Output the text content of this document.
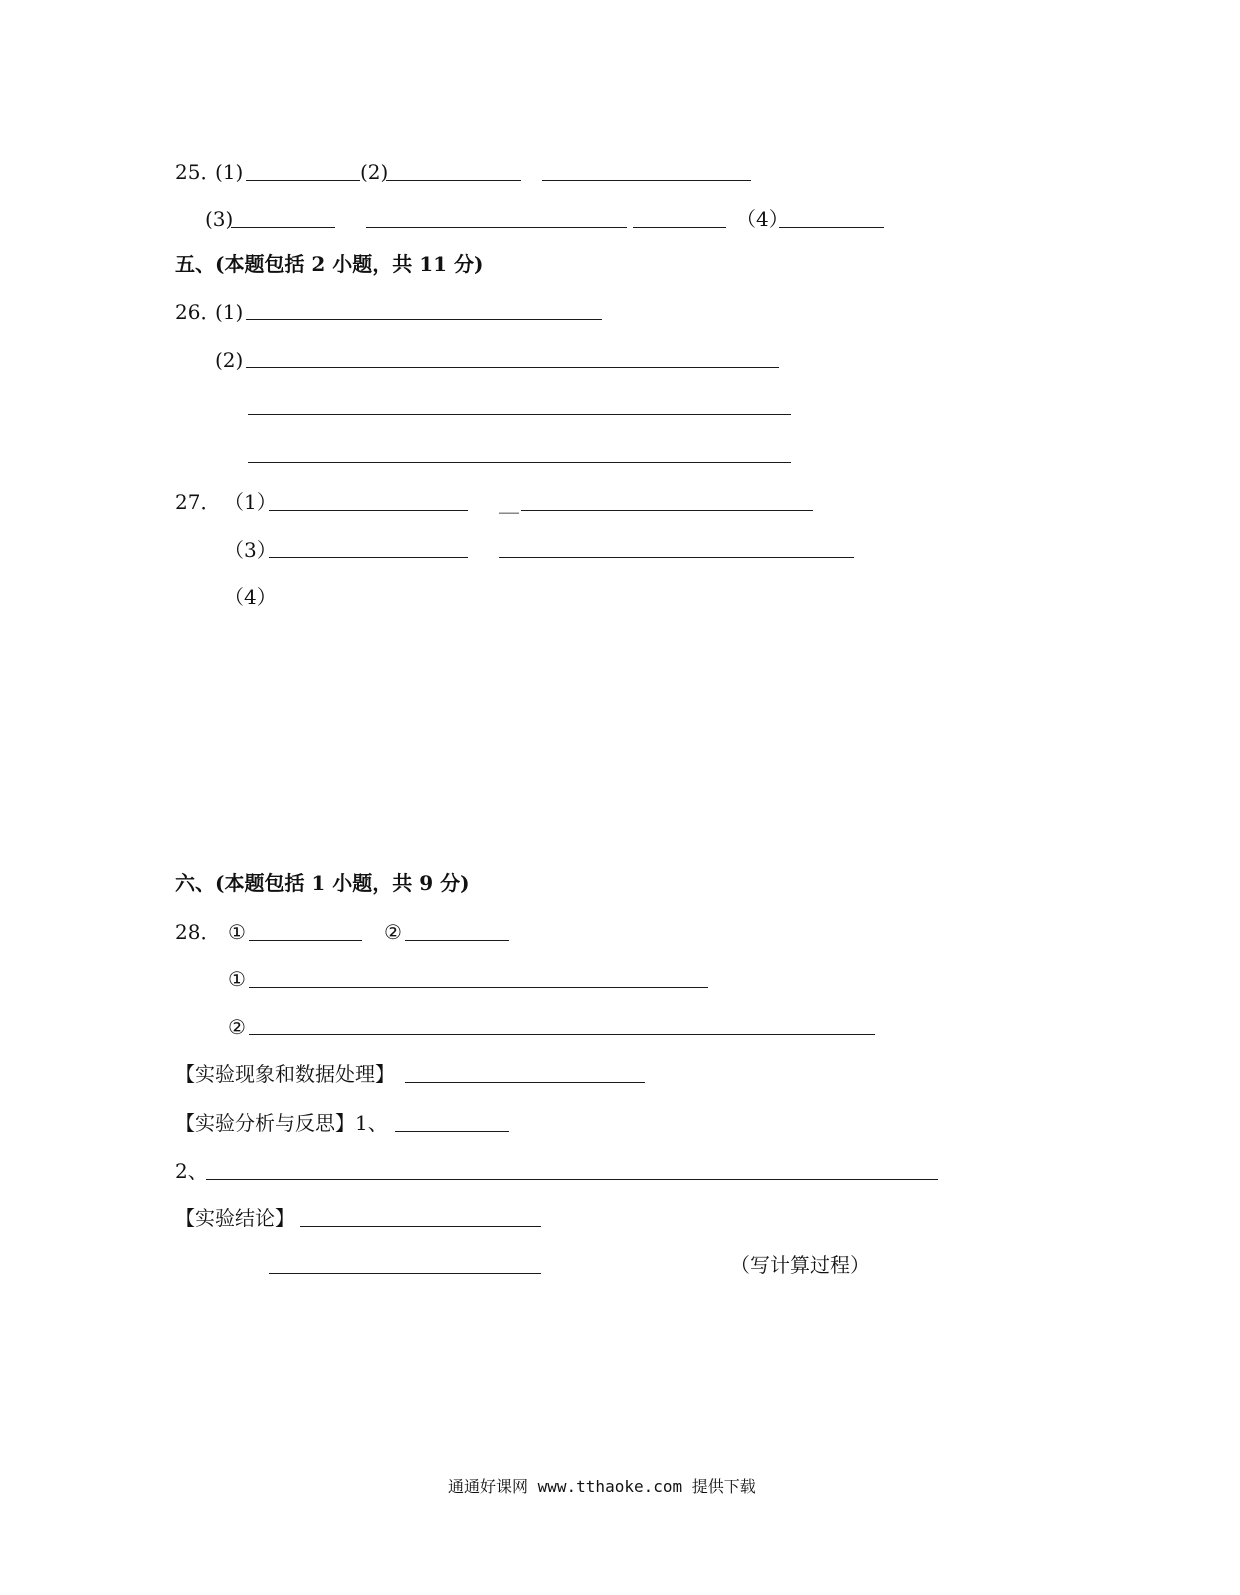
25．
(1)	(2)
(3)	（4）
五、(本题包括 2 小题，共 11 分)
26．
(1)
(2)
27． （1）	__
（3）
（4）
六、(本题包括 1 小题，共 9 分)
28． ①	②
①
②
【实验现象和数据处理】
【实验分析与反思】1、
2、
【实验结论】
（写计算过程）
通通好课网 www.tthaoke.com 提供下载
